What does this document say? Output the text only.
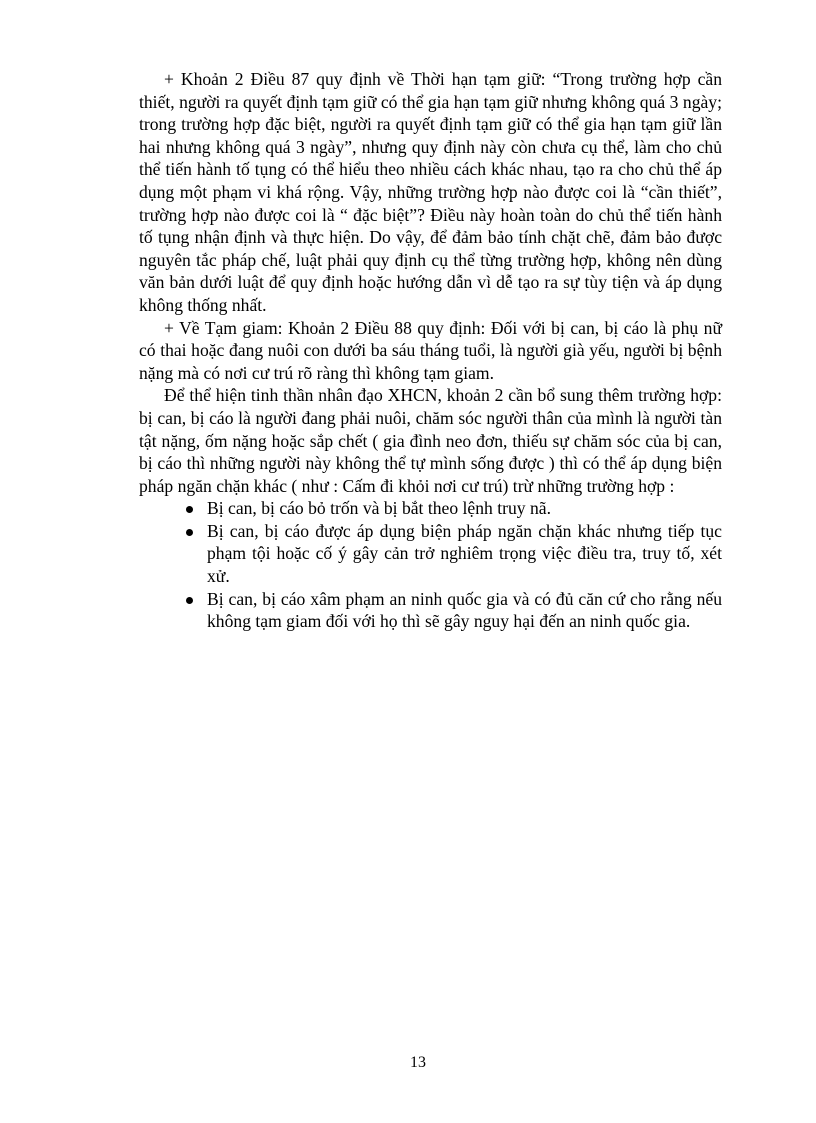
+ Khoản 2 Điều 87 quy định về Thời hạn tạm giữ: “Trong trường hợp cần thiết, người ra quyết định tạm giữ có thể gia hạn tạm giữ nhưng không quá 3 ngày; trong trường hợp đặc biệt, người ra quyết định tạm giữ có thể gia hạn tạm giữ lần hai nhưng không quá 3 ngày”, nhưng quy định này còn chưa cụ thể, làm cho chủ thể tiến hành tố tụng có thể hiểu theo nhiều cách khác nhau, tạo ra cho chủ thể áp dụng một phạm vi khá rộng. Vậy, những trường hợp nào được coi là “cần thiết”, trường hợp nào được coi là “ đặc biệt”? Điều này hoàn toàn do chủ thể tiến hành tố tụng nhận định và thực hiện. Do vậy, để đảm bảo tính chặt chẽ, đảm bảo được nguyên tắc pháp chế, luật phải quy định cụ thể từng trường hợp, không nên dùng văn bản dưới luật để quy định hoặc hướng dẫn vì dễ tạo ra sự tùy tiện và áp dụng không thống nhất.

+ Về Tạm giam: Khoản 2 Điều 88 quy định: Đối với bị can, bị cáo là phụ nữ có thai hoặc đang nuôi con dưới ba sáu tháng tuổi, là người già yếu, người bị bệnh nặng mà có nơi cư trú rõ ràng thì không tạm giam.

Để thể hiện tinh thần nhân đạo XHCN, khoản 2 cần bổ sung thêm trường hợp: bị can, bị cáo là người đang phải nuôi, chăm sóc người thân của mình là người tàn tật nặng, ốm nặng hoặc sắp chết ( gia đình neo đơn, thiếu sự chăm sóc của bị can, bị cáo thì những người này không thể tự mình sống được ) thì có thể áp dụng biện pháp ngăn chặn khác ( như : Cấm đi khỏi nơi cư trú) trừ những trường hợp :

Bị can, bị cáo bỏ trốn và bị bắt theo lệnh truy nã.
Bị can, bị cáo được áp dụng biện pháp ngăn chặn khác nhưng tiếp tục phạm tội hoặc cố ý gây cản trở nghiêm trọng việc điều tra, truy tố, xét xử.
Bị can, bị cáo xâm phạm an ninh quốc gia và có đủ căn cứ cho rằng nếu không tạm giam đối với họ thì sẽ gây nguy hại đến an ninh quốc gia.
13
